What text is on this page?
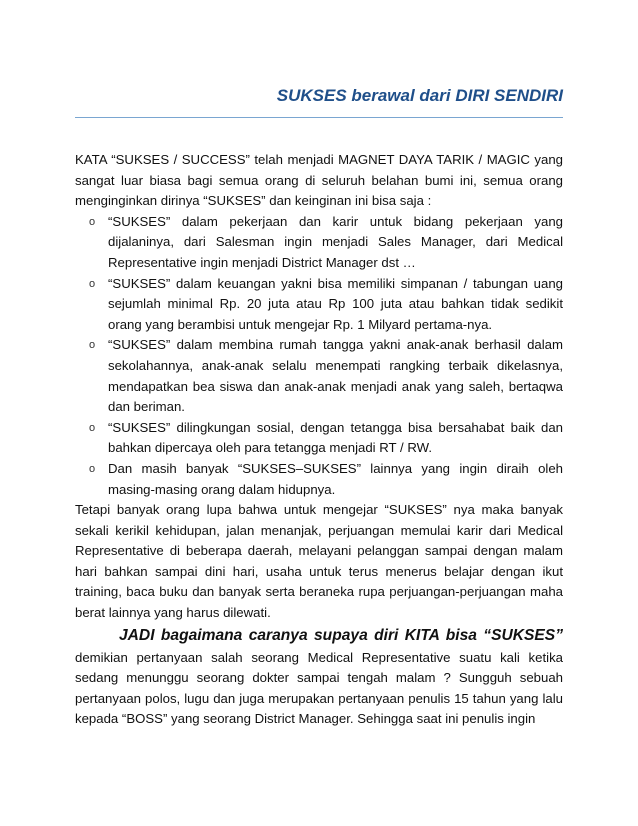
SUKSES berawal dari DIRI SENDIRI

KATA “SUKSES / SUCCESS” telah menjadi MAGNET DAYA TARIK / MAGIC yang sangat luar biasa bagi semua orang di seluruh belahan bumi ini, semua orang menginginkan dirinya “SUKSES” dan keinginan ini bisa saja :

o “SUKSES” dalam pekerjaan dan karir untuk bidang pekerjaan yang dijalaninya, dari Salesman ingin menjadi Sales Manager, dari Medical Representative ingin menjadi District Manager dst …
o “SUKSES” dalam keuangan yakni bisa memiliki simpanan / tabungan uang sejumlah minimal Rp. 20 juta atau Rp 100 juta atau bahkan tidak sedikit orang yang berambisi untuk mengejar Rp. 1 Milyard pertama-nya.
o “SUKSES” dalam membina rumah tangga yakni anak-anak berhasil dalam sekolahannya, anak-anak selalu menempati rangking terbaik dikelasnya, mendapatkan bea siswa dan anak-anak menjadi anak yang saleh, bertaqwa dan beriman.
o “SUKSES” dilingkungan sosial, dengan tetangga bisa bersahabat baik dan bahkan dipercaya oleh para tetangga menjadi RT / RW.
o Dan masih banyak “SUKSES–SUKSES” lainnya yang ingin diraih oleh masing-masing orang dalam hidupnya.

Tetapi banyak orang lupa bahwa untuk mengejar “SUKSES” nya maka banyak sekali kerikil kehidupan, jalan menanjak, perjuangan memulai karir dari Medical Representative di beberapa daerah, melayani pelanggan sampai dengan malam hari bahkan sampai dini hari, usaha untuk terus menerus belajar dengan ikut training, baca buku dan banyak serta beraneka rupa perjuangan-perjuangan maha berat lainnya yang harus dilewati.

JADI bagaimana caranya supaya diri KITA bisa “SUKSES”

demikian pertanyaan salah seorang Medical Representative suatu kali ketika sedang menunggu seorang dokter sampai tengah malam ? Sungguh sebuah pertanyaan polos, lugu dan juga merupakan pertanyaan penulis 15 tahun yang lalu kepada “BOSS” yang seorang District Manager. Sehingga saat ini penulis ingin
